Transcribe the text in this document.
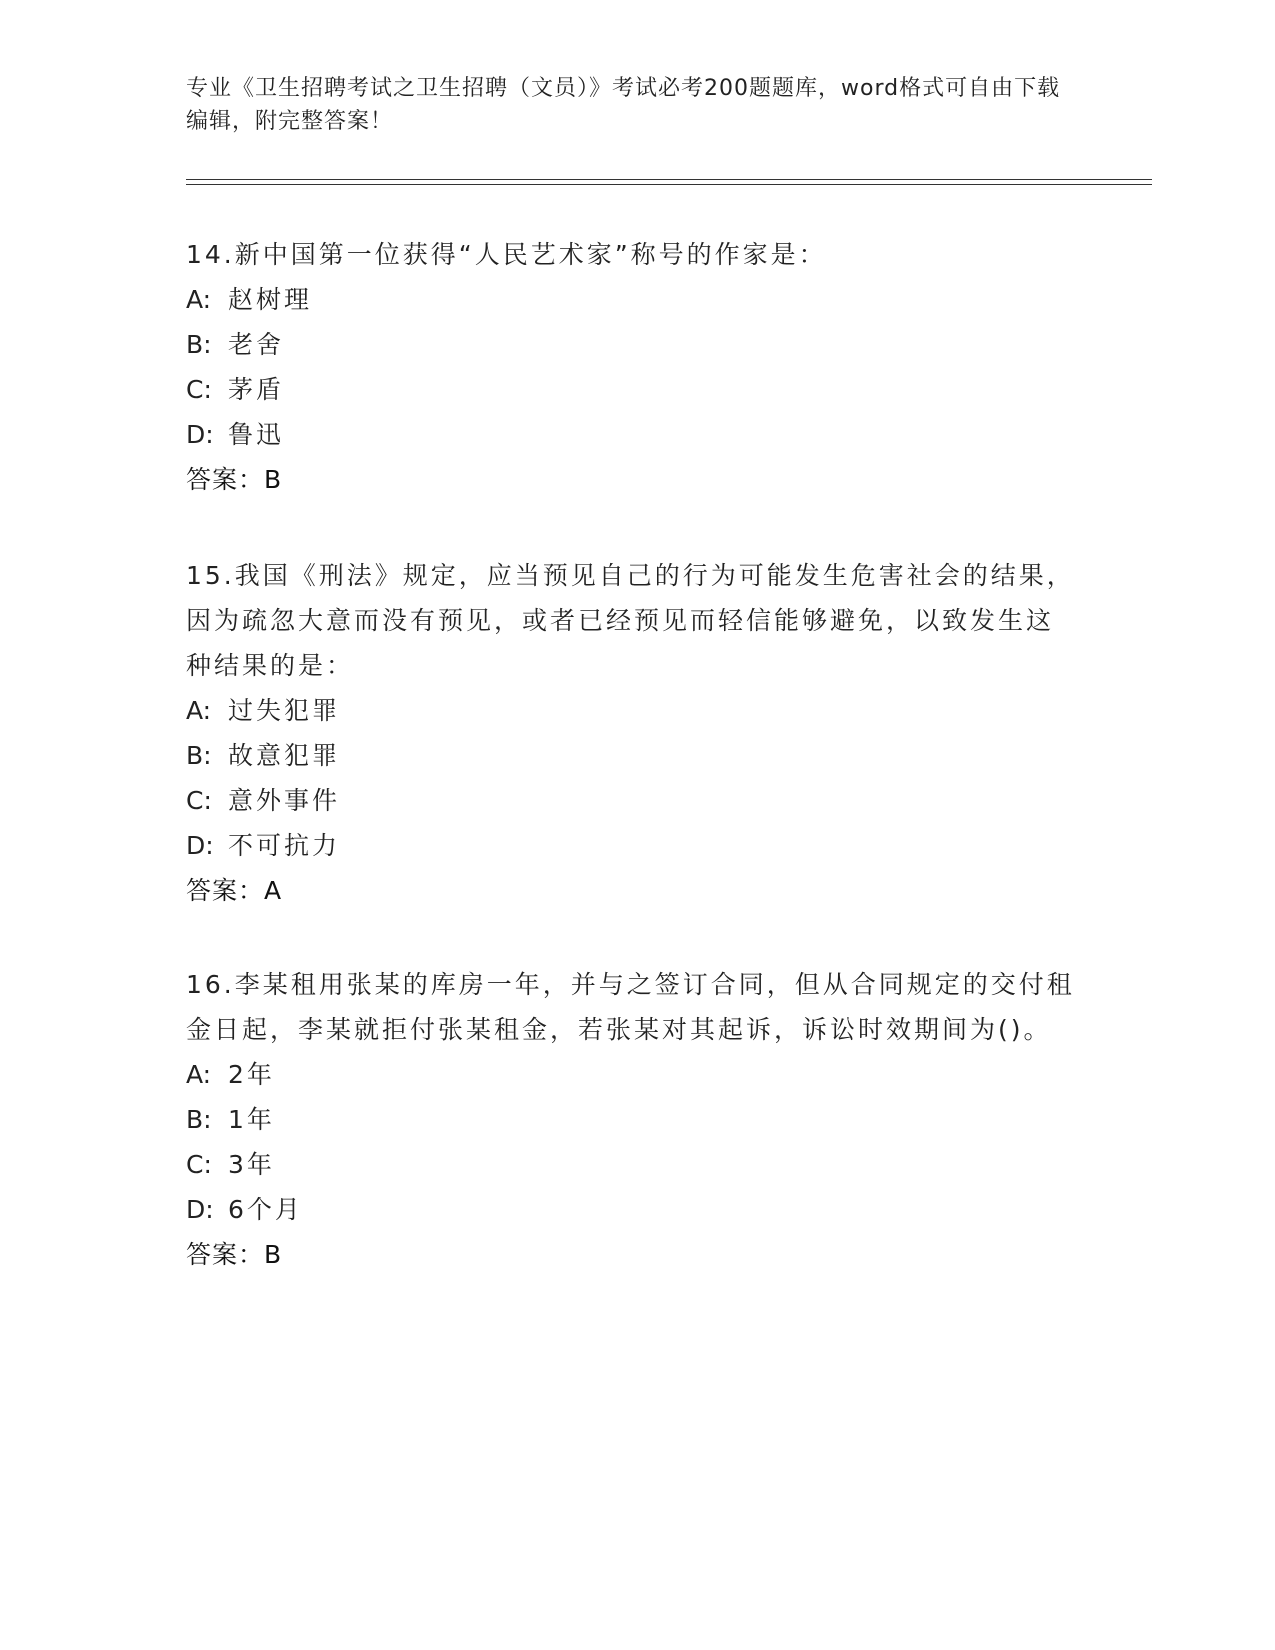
专业《卫生招聘考试之卫生招聘（文员）》考试必考200题题库，word格式可自由下载编辑，附完整答案！
14.新中国第一位获得“人民艺术家”称号的作家是：
A: 赵树理
B: 老舍
C: 茅盾
D: 鲁迅
答案：B
15.我国《刑法》规定，应当预见自己的行为可能发生危害社会的结果，因为疏忽大意而没有预见，或者已经预见而轻信能够避免，以致发生这种结果的是：
A: 过失犯罪
B: 故意犯罪
C: 意外事件
D: 不可抗力
答案：A
16.李某租用张某的库房一年，并与之签订合同，但从合同规定的交付租金日起，李某就拒付张某租金，若张某对其起诉，诉讼时效期间为()。
A: 2年
B: 1年
C: 3年
D: 6个月
答案：B
